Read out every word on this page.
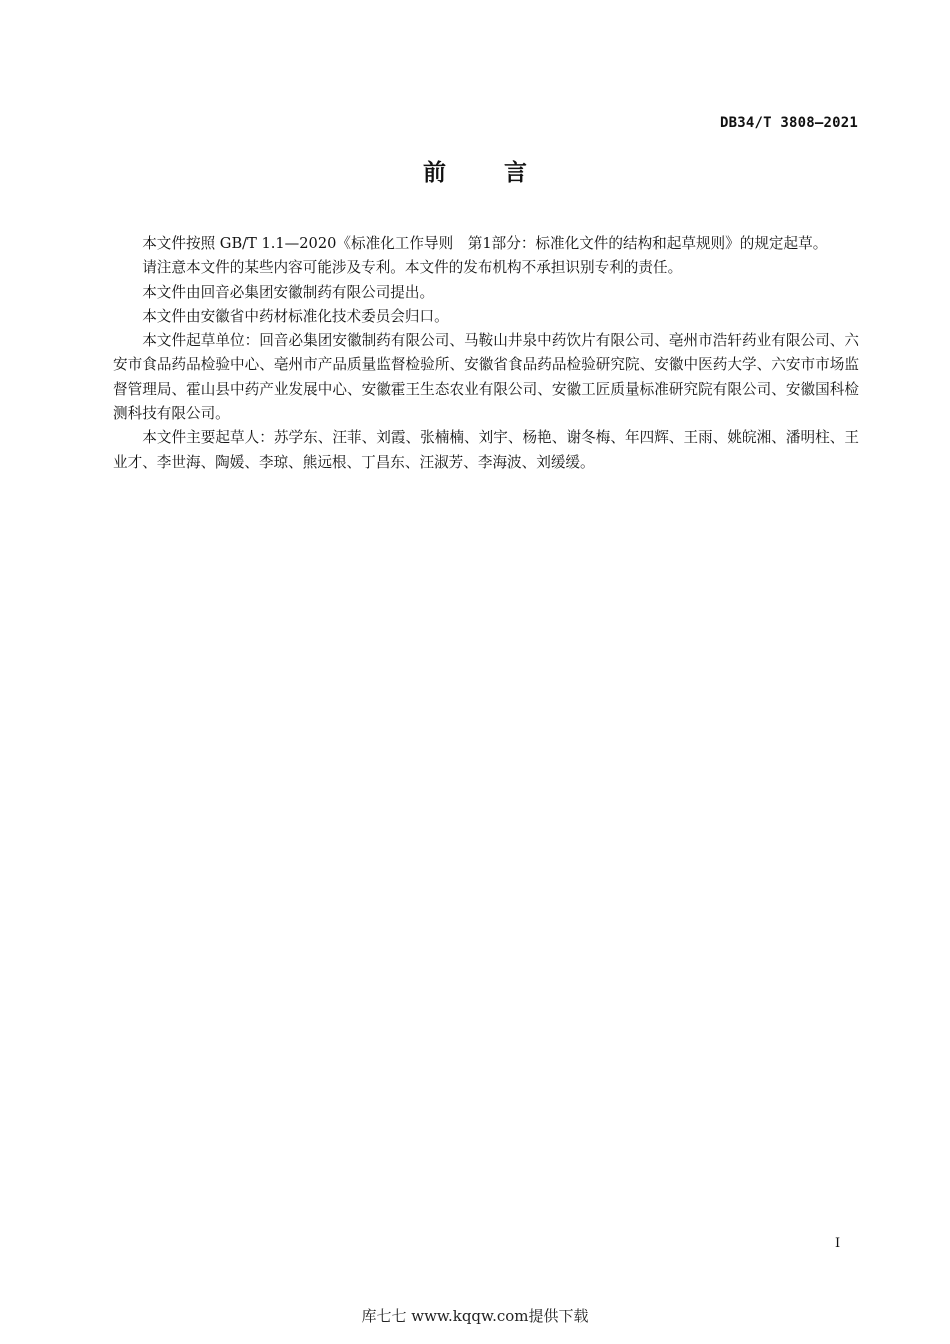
DB34/T 3808—2021
前	言

本文件按照 GB/T 1.1—2020《标准化工作导则　第1部分：标准化文件的结构和起草规则》的规定起草。

请注意本文件的某些内容可能涉及专利。本文件的发布机构不承担识别专利的责任。

本文件由回音必集团安徽制药有限公司提出。

本文件由安徽省中药材标准化技术委员会归口。

本文件起草单位：回音必集团安徽制药有限公司、马鞍山井泉中药饮片有限公司、亳州市浩轩药业有限公司、六安市食品药品检验中心、亳州市产品质量监督检验所、安徽省食品药品检验研究院、安徽中医药大学、六安市市场监督管理局、霍山县中药产业发展中心、安徽霍王生态农业有限公司、安徽工匠质量标准研究院有限公司、安徽国科检测科技有限公司。

本文件主要起草人：苏学东、汪菲、刘霞、张楠楠、刘宇、杨艳、谢冬梅、年四辉、王雨、姚皖湘、潘明柱、王业才、李世海、陶媛、李琼、熊远根、丁昌东、汪淑芳、李海波、刘缓缓。

I
库七七 www.kqqw.com提供下载
